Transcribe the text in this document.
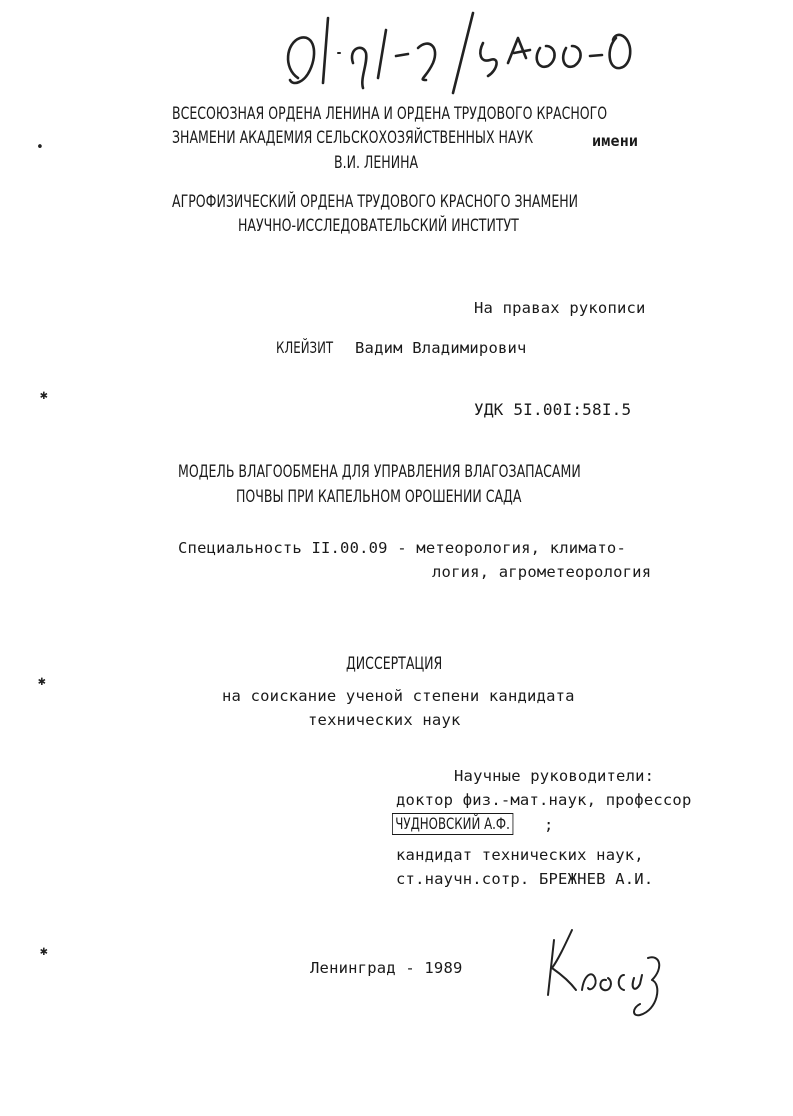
•
✱
✱
✱
ВСЕСОЮЗНАЯ ОРДЕНА ЛЕНИНА И ОРДЕНА ТРУДОВОГО КРАСНОГО
ЗНАМЕНИ АКАДЕМИЯ СЕЛЬСКОХОЗЯЙСТВЕННЫХ НАУК	имени
В.И. ЛЕНИНА
АГРОФИЗИЧЕСКИЙ ОРДЕНА ТРУДОВОГО КРАСНОГО ЗНАМЕНИ
НАУЧНО-ИССЛЕДОВАТЕЛЬСКИЙ ИНСТИТУТ
На правах рукописи
КЛЕЙЗИТ	Вадим Владимирович
УДК 5I.00I:58I.5
МОДЕЛЬ ВЛАГООБМЕНА ДЛЯ УПРАВЛЕНИЯ ВЛАГОЗАПАСАМИ
ПОЧВЫ ПРИ КАПЕЛЬНОМ ОРОШЕНИИ САДА
Специальность II.00.09 - метеорология, климато-
логия, агрометеорология
ДИССЕРТАЦИЯ
на соискание ученой степени кандидата
технических наук
Научные руководители:
доктор физ.-мат.наук, профессор
ЧУДНОВСКИЙ А.Ф.	;
кандидат технических наук,
ст.научн.сотр. БРЕЖНЕВ А.И.
Ленинград - 1989
